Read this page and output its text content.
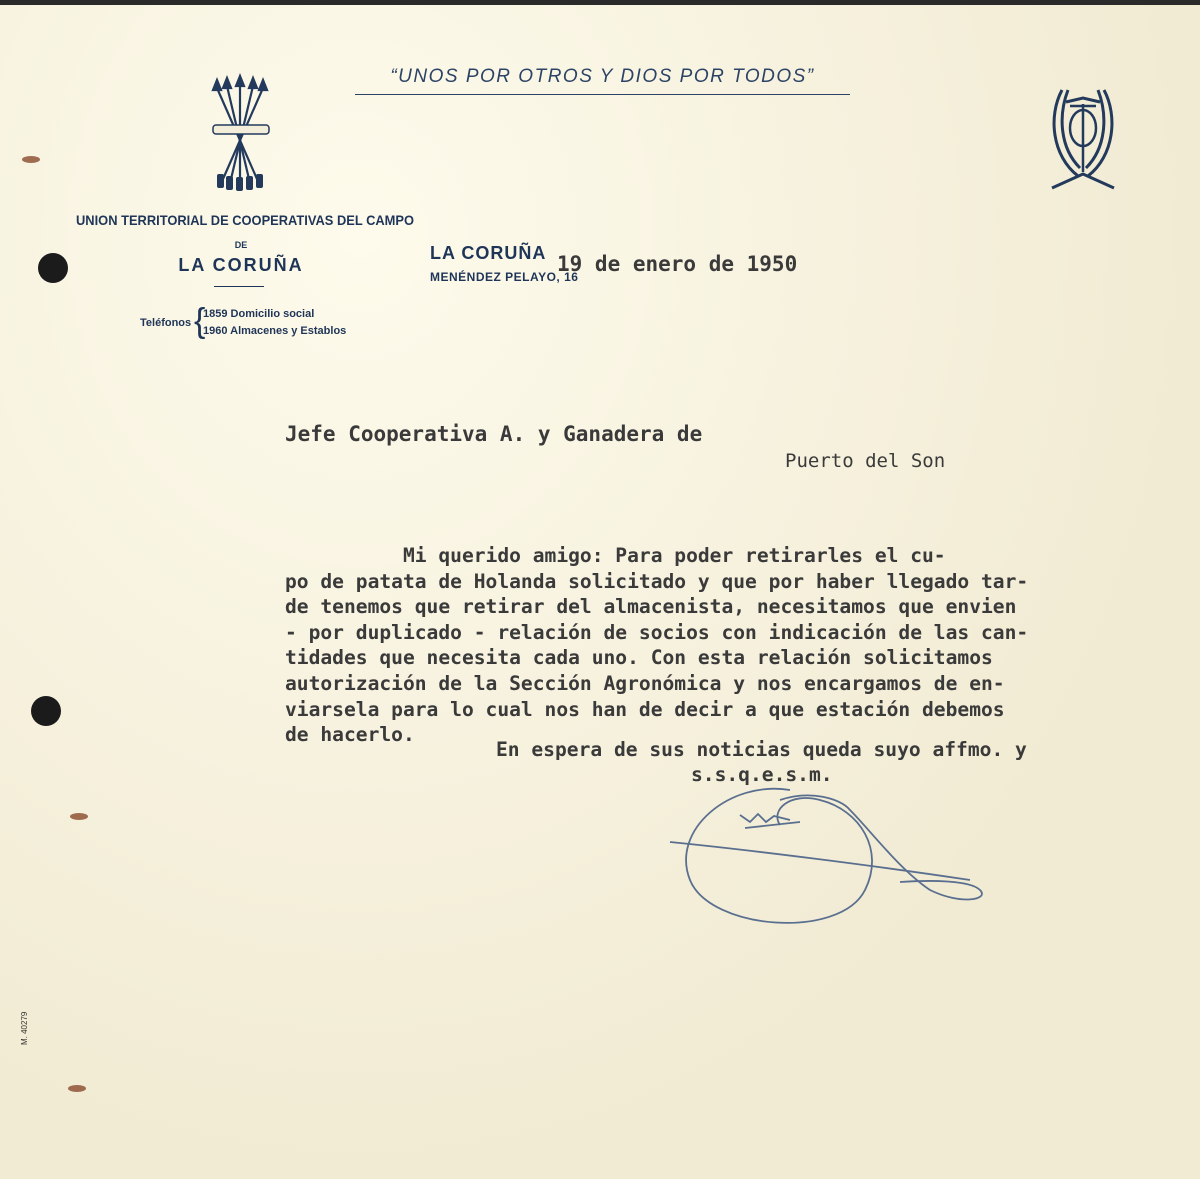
“UNOS POR OTROS Y DIOS POR TODOS”
UNION TERRITORIAL DE COOPERATIVAS DEL CAMPO
DE
LA CORUÑA
Teléfonos {
1859 Domicilio social
1960 Almacenes y Establos
LA CORUÑA
MENÉNDEZ PELAYO, 16
19 de enero de 1950
Jefe Cooperativa A. y Ganadera de
Puerto del Son
Mi querido amigo: Para poder retirarles el cu-
po de patata de Holanda solicitado y que por haber llegado tar-
de tenemos que retirar del almacenista, necesitamos que envien
- por duplicado - relación de socios con indicación de las can-
tidades que necesita cada uno. Con esta relación solicitamos
autorización de la Sección Agronómica y nos encargamos de en-
viarsela para lo cual nos han de decir a que estación debemos
de hacerlo.
En espera de sus noticias queda suyo affmo. y
s.s.q.e.s.m.
M. 40279
